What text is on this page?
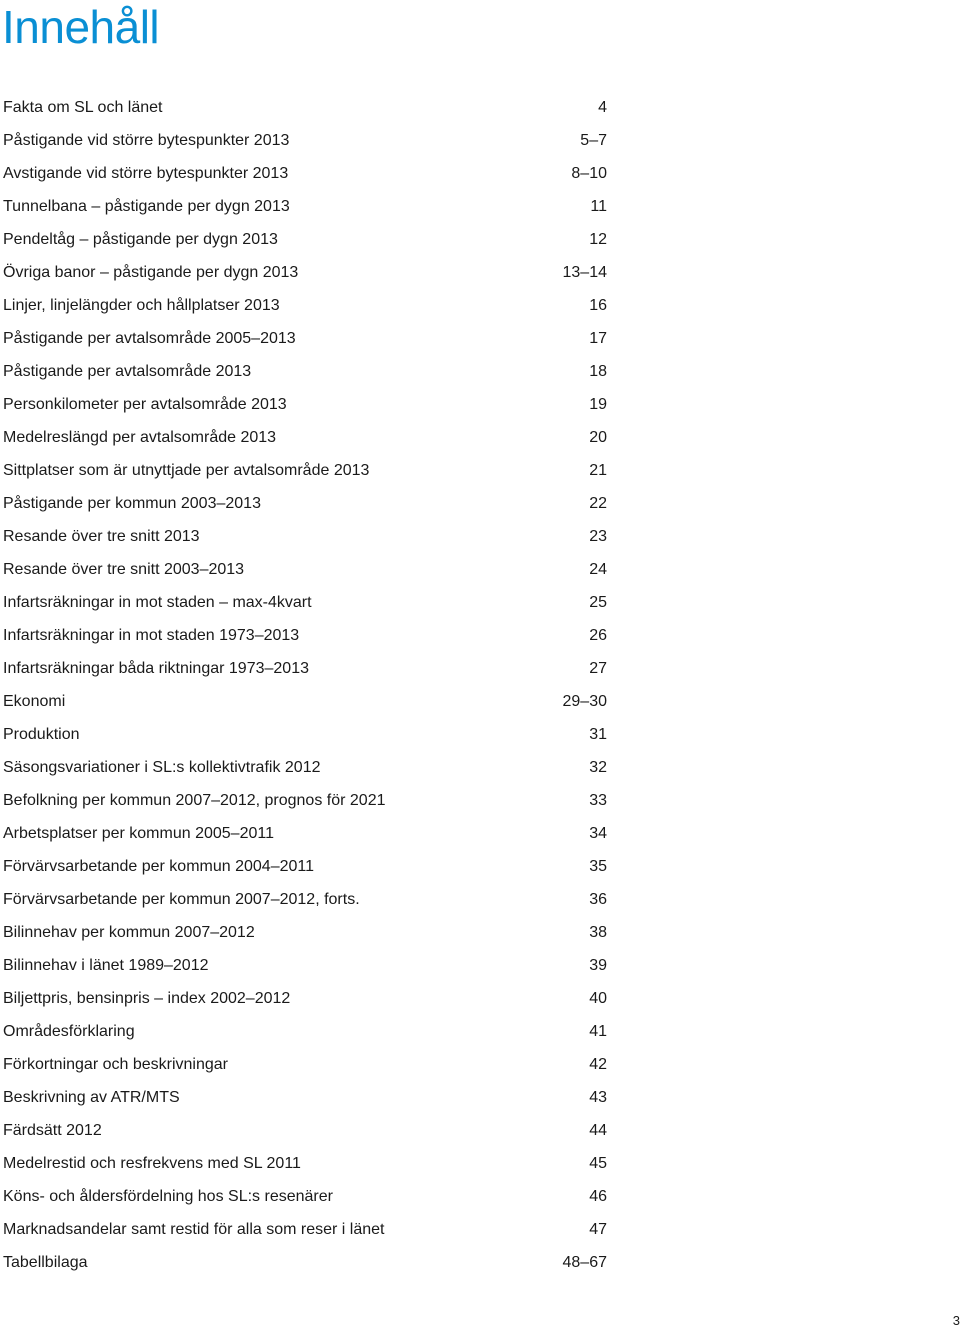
Innehåll
Fakta om SL och länet	4
Påstigande vid större bytespunkter 2013	5–7
Avstigande vid större bytespunkter 2013	8–10
Tunnelbana – påstigande per dygn 2013	11
Pendeltåg – påstigande per dygn 2013	12
Övriga banor – påstigande per dygn 2013	13–14
Linjer, linjelängder och hållplatser 2013	16
Påstigande per avtalsområde 2005–2013	17
Påstigande per avtalsområde 2013	18
Personkilometer per avtalsområde 2013	19
Medelreslängd per avtalsområde 2013	20
Sittplatser som är utnyttjade per avtalsområde 2013	21
Påstigande per kommun 2003–2013	22
Resande över tre snitt 2013	23
Resande över tre snitt 2003–2013	24
Infartsräkningar in mot staden – max-4kvart	25
Infartsräkningar in mot staden 1973–2013	26
Infartsräkningar båda riktningar 1973–2013	27
Ekonomi	29–30
Produktion	31
Säsongsvariationer i SL:s kollektivtrafik 2012	32
Befolkning per kommun 2007–2012, prognos för 2021	33
Arbetsplatser per kommun 2005–2011	34
Förvärvsarbetande per kommun 2004–2011	35
Förvärvsarbetande per kommun 2007–2012, forts.	36
Bilinnehav per kommun 2007–2012	38
Bilinnehav i länet 1989–2012	39
Biljettpris, bensinpris – index 2002–2012	40
Områdesförklaring	41
Förkortningar och beskrivningar	42
Beskrivning av ATR/MTS	43
Färdsätt 2012	44
Medelrestid och resfrekvens med SL 2011	45
Köns- och åldersfördelning hos SL:s resenärer	46
Marknadsandelar samt restid för alla som reser i länet	47
Tabellbilaga	48–67
3
